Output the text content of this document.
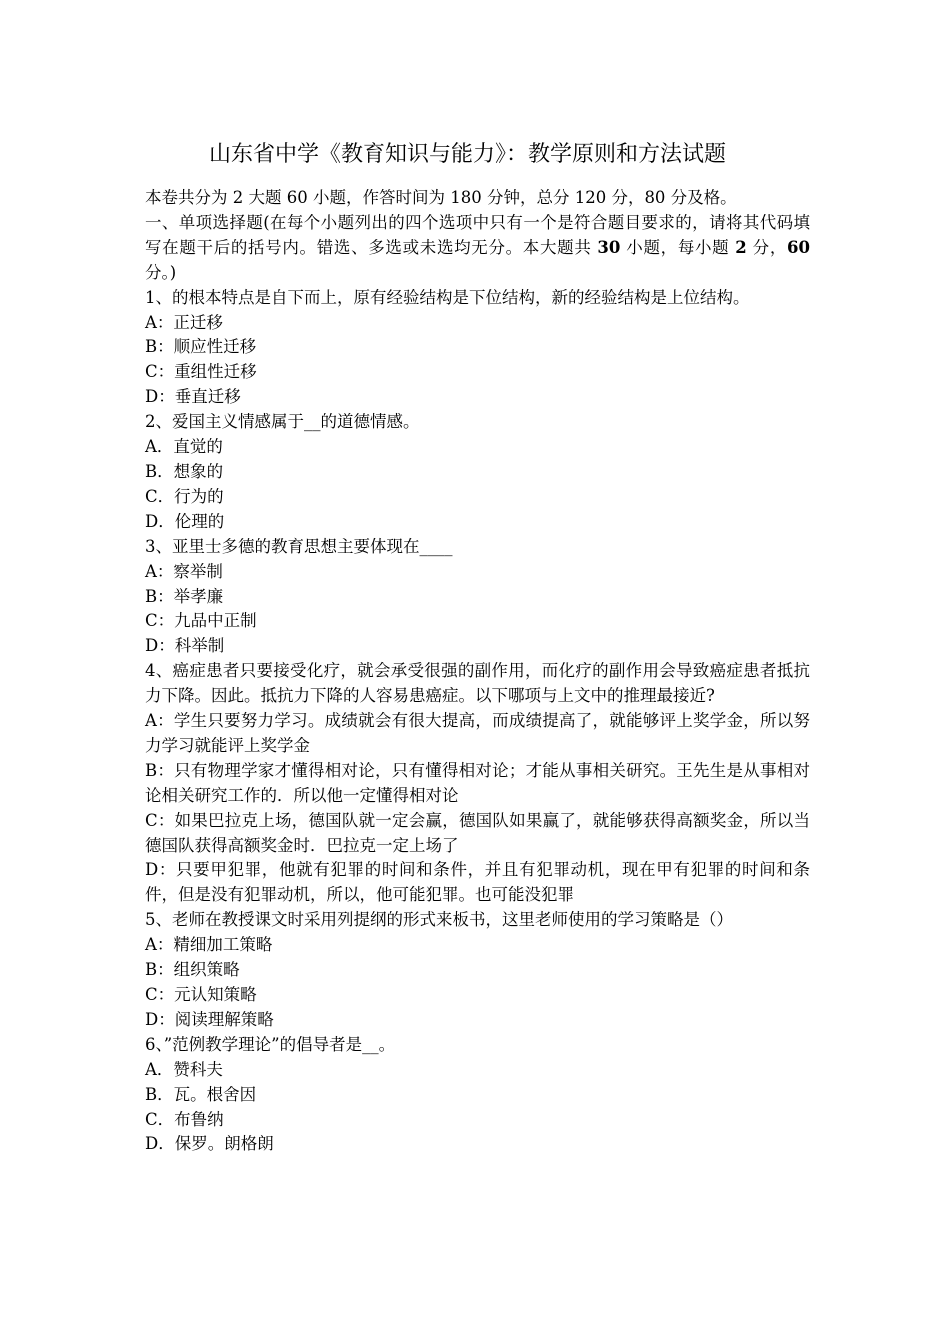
山东省中学《教育知识与能力》：教学原则和方法试题

本卷共分为 2 大题 60 小题，作答时间为 180 分钟，总分 120 分，80 分及格。

一、单项选择题(在每个小题列出的四个选项中只有一个是符合题目要求的，请将其代码填写在题干后的括号内。错选、多选或未选均无分。本大题共 30 小题，每小题 2 分，60 分。)

1、的根本特点是自下而上，原有经验结构是下位结构，新的经验结构是上位结构。

A：正迁移

B：顺应性迁移

C：重组性迁移

D：垂直迁移

2、爱国主义情感属于__的道德情感。

A．直觉的

B．想象的

C．行为的

D．伦理的

3、亚里士多德的教育思想主要体现在____

A：察举制

B：举孝廉

C：九品中正制

D：科举制

4、癌症患者只要接受化疗，就会承受很强的副作用，而化疗的副作用会导致癌症患者抵抗力下降。因此。抵抗力下降的人容易患癌症。以下哪项与上文中的推理最接近?

A：学生只要努力学习。成绩就会有很大提高，而成绩提高了，就能够评上奖学金，所以努力学习就能评上奖学金

B：只有物理学家才懂得相对论，只有懂得相对论；才能从事相关研究。王先生是从事相对论相关研究工作的．所以他一定懂得相对论

C：如果巴拉克上场，德国队就一定会赢，德国队如果赢了，就能够获得高额奖金，所以当德国队获得高额奖金时．巴拉克一定上场了

D：只要甲犯罪，他就有犯罪的时间和条件，并且有犯罪动机，现在甲有犯罪的时间和条件，但是没有犯罪动机，所以，他可能犯罪。也可能没犯罪

5、老师在教授课文时采用列提纲的形式来板书，这里老师使用的学习策略是（）

A：精细加工策略

B：组织策略

C：元认知策略

D：阅读理解策略

6、”范例教学理论”的倡导者是__。

A．赞科夫

B．瓦。根舍因

C．布鲁纳

D．保罗。朗格朗
